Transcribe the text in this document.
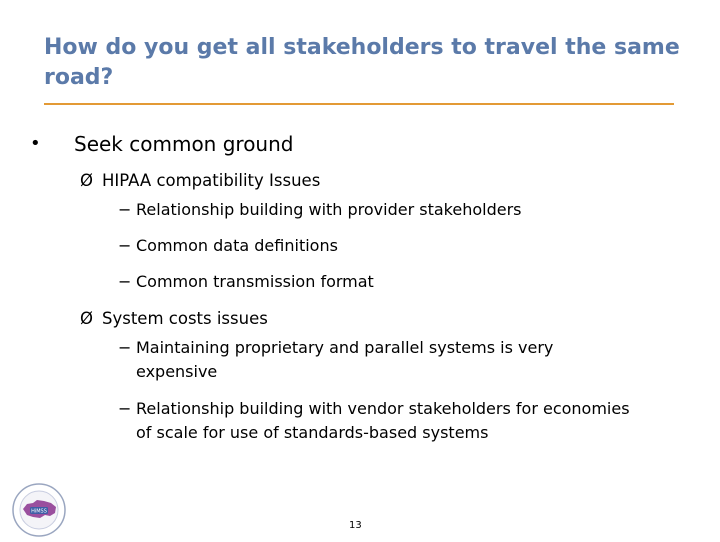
How do you get all stakeholders to travel the same road?
• Seek common ground
Ø HIPAA compatibility Issues
− Relationship building with provider stakeholders
− Common data definitions
− Common transmission format
Ø System costs issues
− Maintaining proprietary and parallel systems is very expensive
− Relationship building with vendor stakeholders for economies of scale for use of standards-based systems
HiMSS
13
